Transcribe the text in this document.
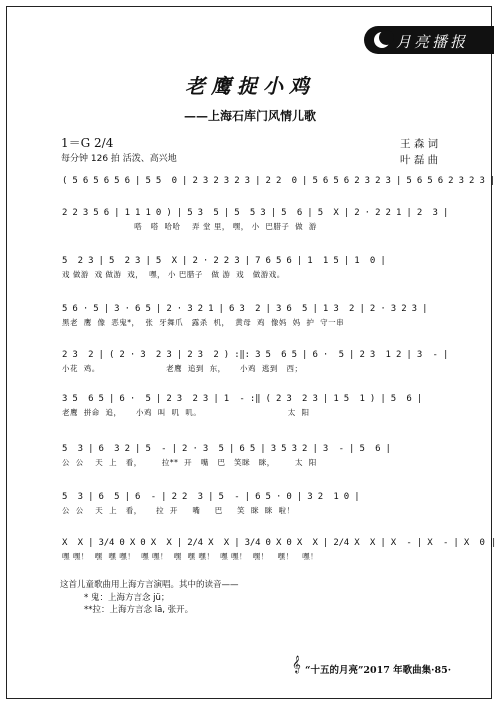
月亮播报
老鹰捉小鸡
——上海石库门风情儿歌
1＝G 2/4
每分钟 126 拍 活泼、高兴地
王 森 词
叶 磊 曲
( 5 6 5 6 5 6 | 5 5  0 | 2 3 2 3 2 3 | 2 2  0 | 5 6 5 6 2 3 2 3 | 5 6 5 6 2 3 2 3 |
2 2 3 5 6 | 1 1 1 0 ) | 5 3  5 | 5  5 3 | 5  6 | 5  X | 2 · 2 2 1 | 2  3 |
嗒   嗒  哈哈    弄 堂 里， 嘿， 小  巴腊子  做  游
5  2 3 | 5  2 3 | 5  X | 2 · 2 2 3 | 7 6 5 6 | 1  1 5 | 1  0 |
戏 做游  戏 做游  戏，  嘿， 小 巴腊子   做 游  戏   做游戏。
5 6 · 5 | 3 · 6 5 | 2 · 3 2 1 | 6 3  2 | 3 6  5 | 1 3  2 | 2 · 3 2 3 |
黑老  鹰  像  恶鬼*，  张  牙舞爪   露杀  机，  黄母  鸡  像妈  妈  护  守一串
2 3  2 | ( 2 · 3  2 3 | 2 3  2 ) :‖: 3 5  6 5 | 6 ·  5 | 2 3  1 2 | 3  - |
小花  鸡。                       老鹰  追到  东，     小鸡  逃到   西；
3 5  6 5 | 6 ·  5 | 2 3  2 3 | 1  - :‖ ( 2 3  2 3 | 1 5  1 ) | 5  6 |
老鹰  拼命  追，     小鸡  叫  叽  叽。                              太  阳
5  3 | 6  3 2 | 5  - | 2 · 3  5 | 6 5 | 3 5 3 2 | 3  - | 5  6 |
公  公    天  上   看，       拉**  开   嘴   巴   笑眯   眯，       太  阳
5  3 | 6  5 | 6  - | 2 2  3 | 5  - | 6 5 · 0 | 3 2  1 0 |
公  公    天  上   看，     拉  开     嘴     巴     笑  眯  眯  啦！
X  X | 3/4 0 X 0 X  X | 2/4 X  X | 3/4 0 X 0 X  X | 2/4 X  X | X  - | X  - | X  0 ‖
嘿 嘿！  嘿  嘿 嘿！  嘿 嘿！  嘿  嘿 嘿！  嘿 嘿！  嘿！   嘿！   嘿！
这首儿童歌曲用上海方言演唱。其中的读音——
* 鬼：上海方言念 jü；
**拉：上海方言念 lā, 张开。
𝄞 “十五的月亮”2017 年歌曲集·85·
